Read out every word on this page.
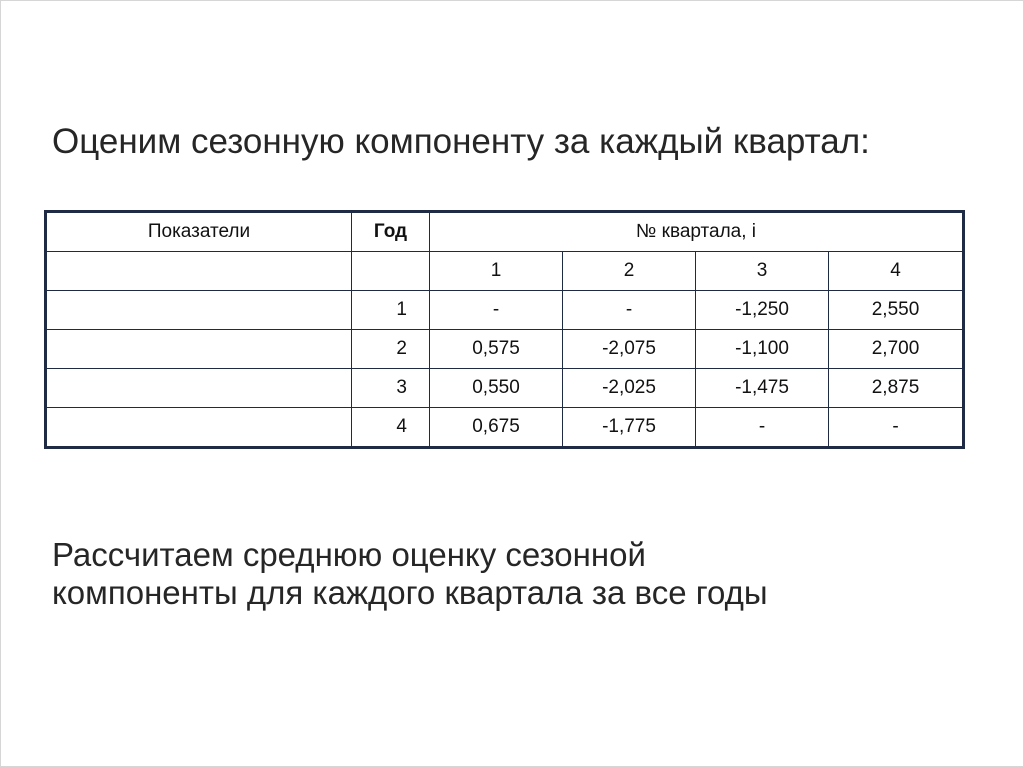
Оценим сезонную компоненту за каждый квартал:
Показатели	Год	№ квартала, i			
		1	2	3	4
	1	-	-	-1,250	2,550
	2	0,575	-2,075	-1,100	2,700
	3	0,550	-2,025	-1,475	2,875
	4	0,675	-1,775	-	-
Рассчитаем среднюю оценку сезонной
компоненты для каждого квартала за все годы
